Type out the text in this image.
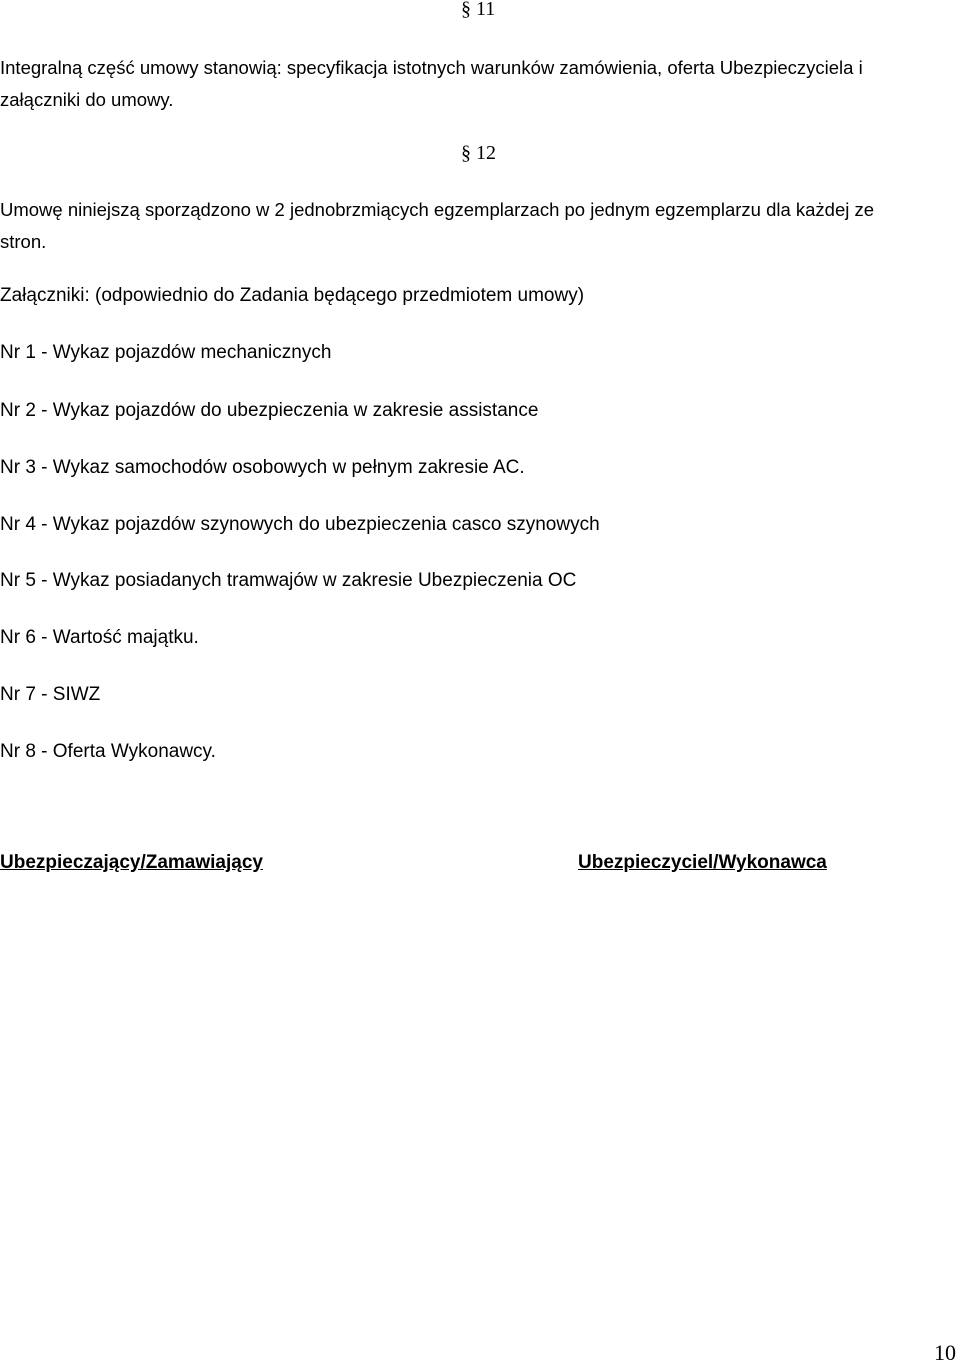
§ 11
Integralną część umowy stanowią: specyfikacja istotnych warunków zamówienia, oferta Ubezpieczyciela i
załączniki do umowy.
§ 12
Umowę niniejszą sporządzono w 2 jednobrzmiących egzemplarzach po jednym egzemplarzu dla każdej ze
stron.
Załączniki: (odpowiednio do Zadania będącego przedmiotem umowy)
Nr 1 - Wykaz pojazdów mechanicznych
Nr 2 - Wykaz pojazdów do ubezpieczenia w zakresie assistance
Nr 3 - Wykaz samochodów osobowych w pełnym zakresie AC.
Nr 4 - Wykaz pojazdów szynowych do ubezpieczenia casco szynowych
Nr 5 - Wykaz posiadanych tramwajów w zakresie Ubezpieczenia OC
Nr 6 - Wartość majątku.
Nr 7 - SIWZ
Nr 8 - Oferta Wykonawcy.
Ubezpieczający/Zamawiający	Ubezpieczyciel/Wykonawca
10
